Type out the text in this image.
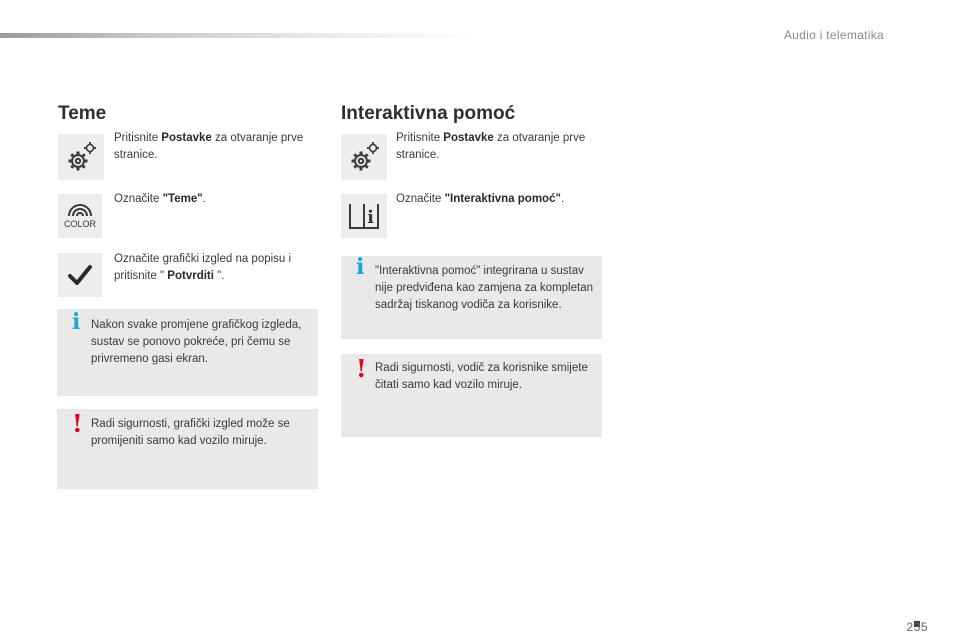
Audio i telematika
Teme
Pritisnite Postavke za otvaranje prve stranice.
COLOR
Označite "Teme".
Označite grafički izgled na popisu i pritisnite " Potvrditi ".
i Nakon svake promjene grafičkog izgleda, sustav se ponovo pokreće, pri čemu se privremeno gasi ekran.
! Radi sigurnosti, grafički izgled može se promijeniti samo kad vozilo miruje.
Interaktivna pomoć
Pritisnite Postavke za otvaranje prve stranice.
i
Označite "Interaktivna pomoć".
i "Interaktivna pomoć" integrirana u sustav nije predviđena kao zamjena za kompletan sadržaj tiskanog vodiča za korisnike.
! Radi sigurnosti, vodič za korisnike smijete čitati samo kad vozilo miruje.
235
